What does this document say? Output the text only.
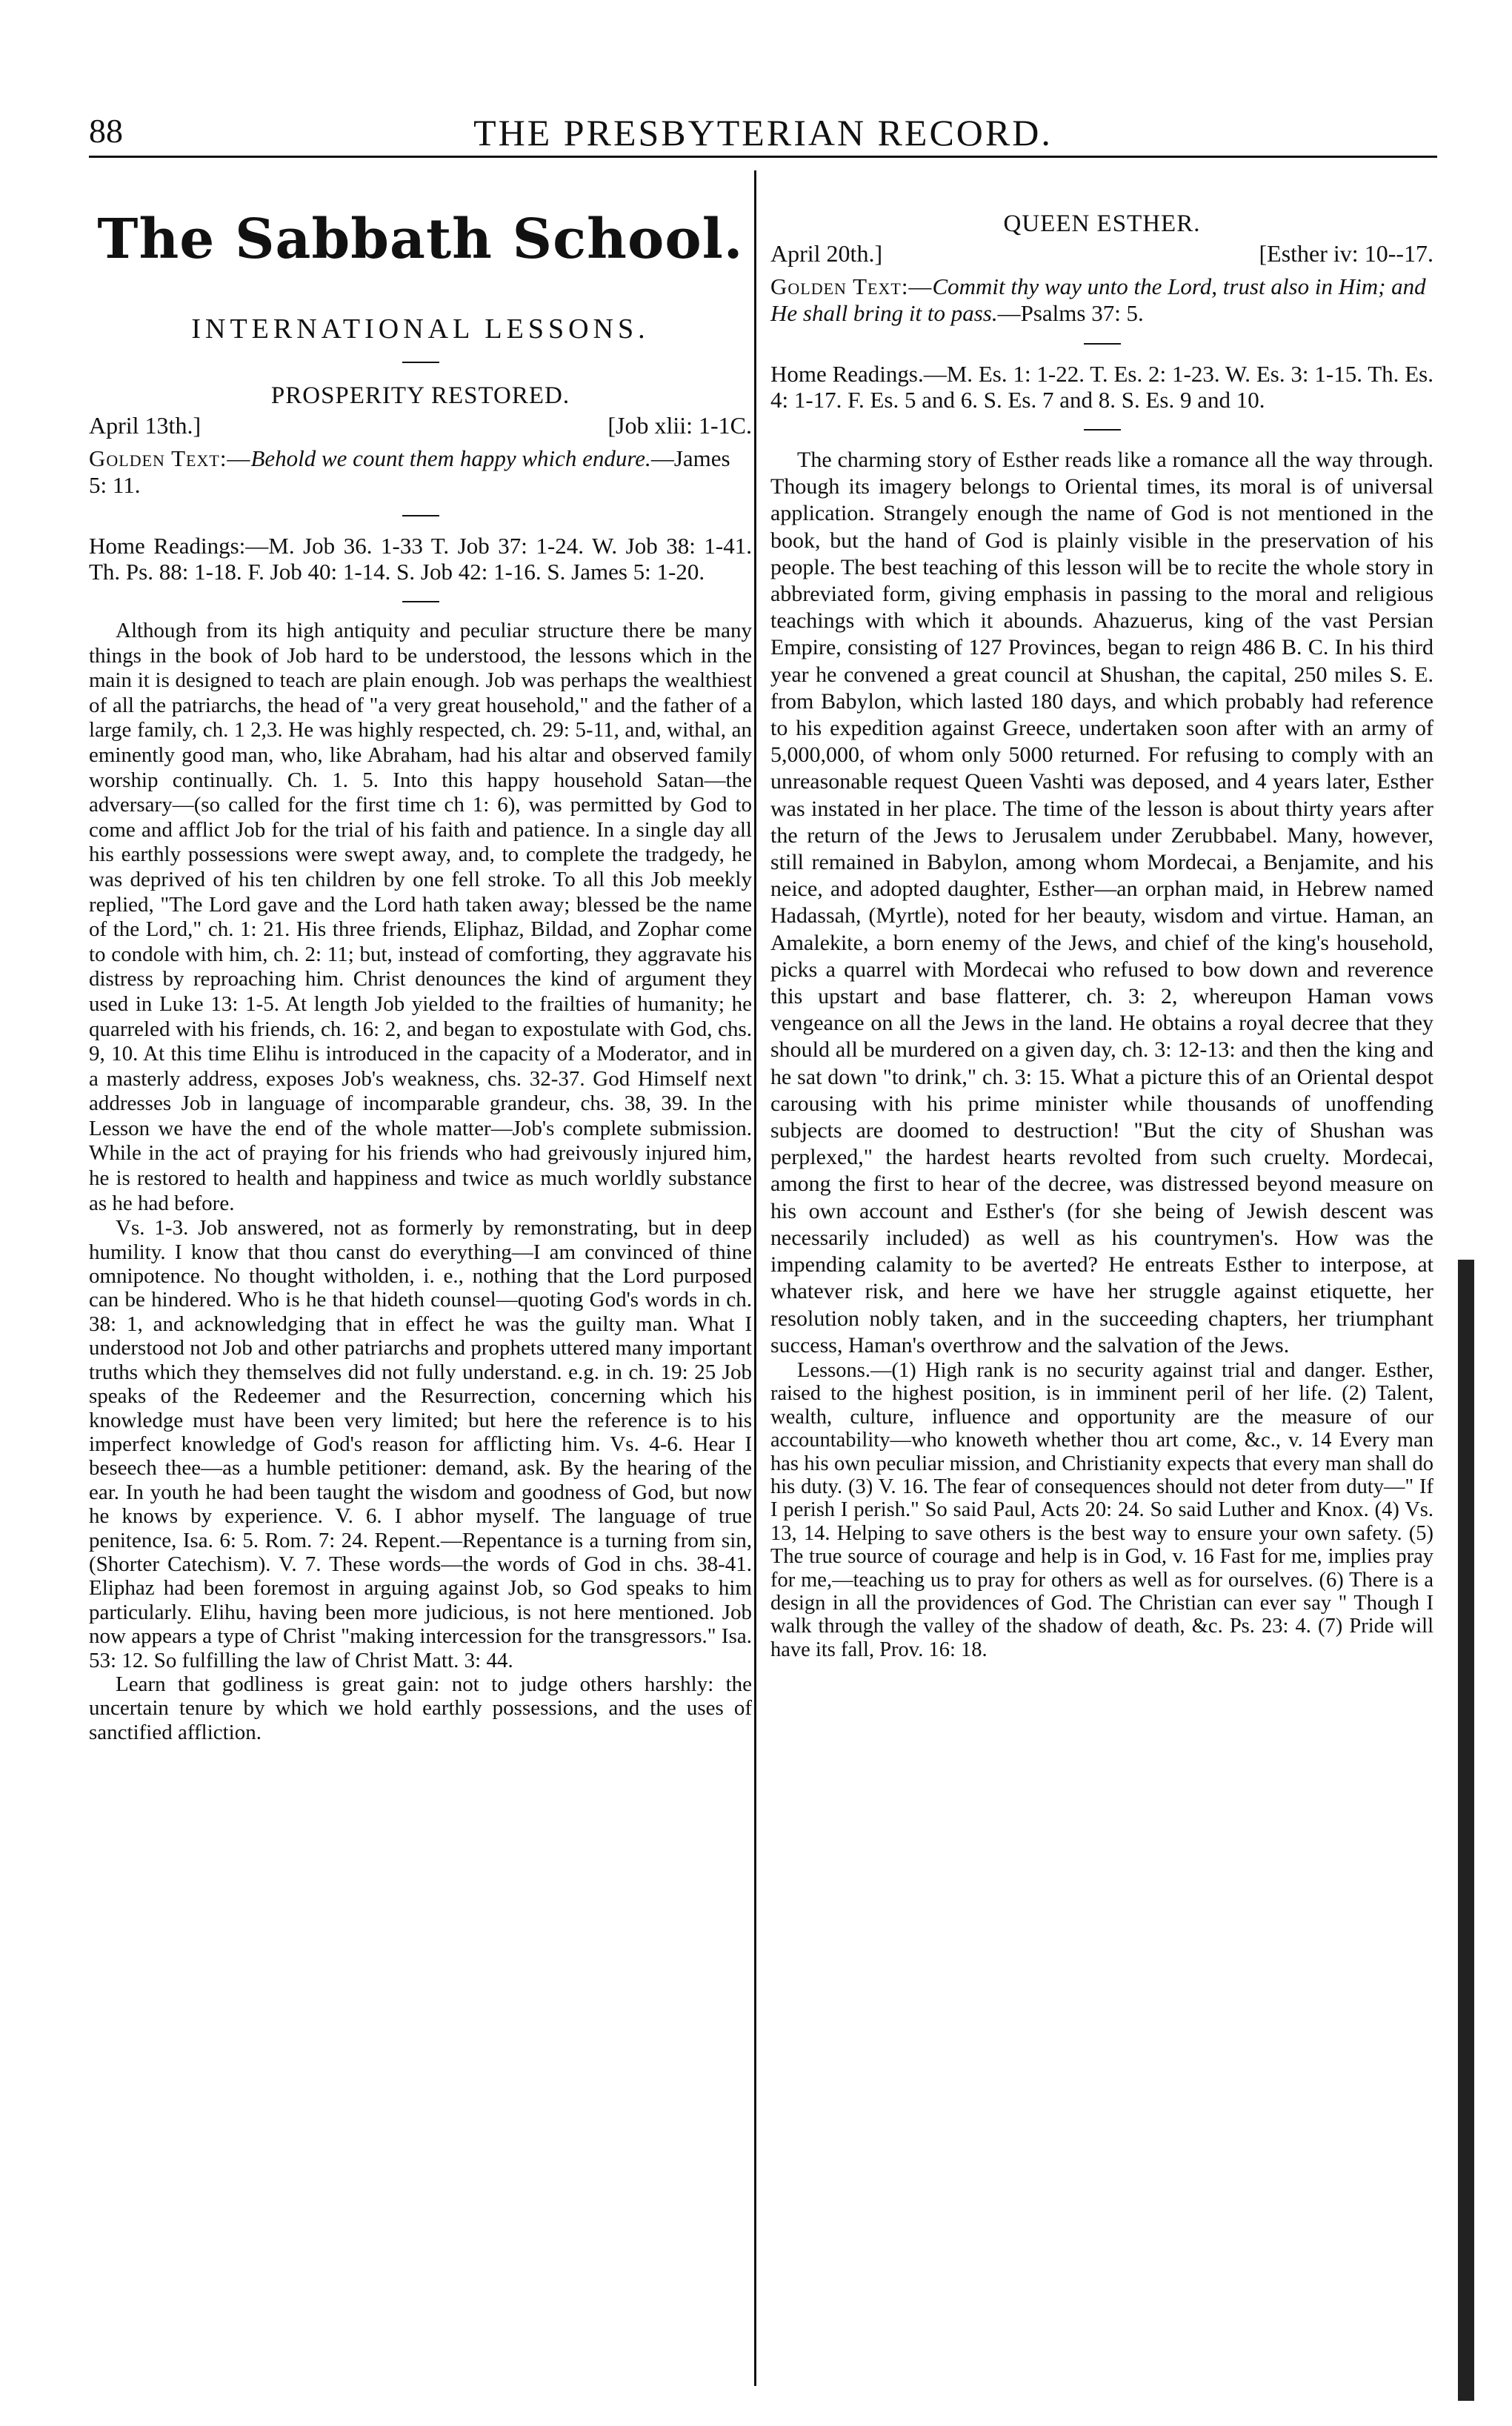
88	THE PRESBYTERIAN RECORD.
The Sabbath School.
INTERNATIONAL LESSONS.
PROSPERITY RESTORED.
April 13th.]	[Job xlii: 1-1C.
Golden Text:—Behold we count them happy which endure.—James 5: 11.
Home Readings:—M. Job 36. 1-33 T. Job 37: 1-24. W. Job 38: 1-41. Th. Ps. 88: 1-18. F. Job 40: 1-14. S. Job 42: 1-16. S. James 5: 1-20.

Although from its high antiquity and peculiar structure there be many things in the book of Job hard to be understood, the lessons which in the main it is designed to teach are plain enough. Job was perhaps the wealthiest of all the patriarchs, the head of "a very great household," and the father of a large family, ch. 1 2,3. He was highly respected, ch. 29: 5-11, and, withal, an eminently good man, who, like Abraham, had his altar and observed family worship continually. Ch. 1. 5. Into this happy household Satan—the adversary—(so called for the first time ch 1: 6), was permitted by God to come and afflict Job for the trial of his faith and patience. In a single day all his earthly possessions were swept away, and, to complete the tradgedy, he was deprived of his ten children by one fell stroke. To all this Job meekly replied, "The Lord gave and the Lord hath taken away; blessed be the name of the Lord," ch. 1: 21. His three friends, Eliphaz, Bildad, and Zophar come to condole with him, ch. 2: 11; but, instead of comforting, they aggravate his distress by reproaching him. Christ denounces the kind of argument they used in Luke 13: 1-5. At length Job yielded to the frailties of humanity; he quarreled with his friends, ch. 16: 2, and began to expostulate with God, chs. 9, 10. At this time Elihu is introduced in the capacity of a Moderator, and in a masterly address, exposes Job's weakness, chs. 32-37. God Himself next addresses Job in language of incomparable grandeur, chs. 38, 39. In the Lesson we have the end of the whole matter—Job's complete submission. While in the act of praying for his friends who had greivously injured him, he is restored to health and happiness and twice as much worldly substance as he had before.

Vs. 1-3. Job answered, not as formerly by remonstrating, but in deep humility. I know that thou canst do everything—I am convinced of thine omnipotence. No thought witholden, i. e., nothing that the Lord purposed can be hindered. Who is he that hideth counsel—quoting God's words in ch. 38: 1, and acknowledging that in effect he was the guilty man. What I understood not Job and other patriarchs and prophets uttered many important truths which they themselves did not fully understand. e.g. in ch. 19: 25 Job speaks of the Redeemer and the Resurrection, concerning which his knowledge must have been very limited; but here the reference is to his imperfect knowledge of God's reason for afflicting him. Vs. 4-6. Hear I beseech thee—as a humble petitioner: demand, ask. By the hearing of the ear. In youth he had been taught the wisdom and goodness of God, but now he knows by experience. V. 6. I abhor myself. The language of true penitence, Isa. 6: 5. Rom. 7: 24. Repent.—Repentance is a turning from sin, (Shorter Catechism). V. 7. These words—the words of God in chs. 38-41. Eliphaz had been foremost in arguing against Job, so God speaks to him particularly. Elihu, having been more judicious, is not here mentioned. Job now appears a type of Christ "making intercession for the transgressors." Isa. 53: 12. So fulfilling the law of Christ Matt. 3: 44.

Learn that godliness is great gain: not to judge others harshly: the uncertain tenure by which we hold earthly possessions, and the uses of sanctified affliction.

QUEEN ESTHER.
April 20th.]	[Esther iv: 10--17.
Golden Text:—Commit thy way unto the Lord, trust also in Him; and He shall bring it to pass.—Psalms 37: 5.
Home Readings.—M. Es. 1: 1-22. T. Es. 2: 1-23. W. Es. 3: 1-15. Th. Es. 4: 1-17. F. Es. 5 and 6. S. Es. 7 and 8. S. Es. 9 and 10.

The charming story of Esther reads like a romance all the way through. Though its imagery belongs to Oriental times, its moral is of universal application. Strangely enough the name of God is not mentioned in the book, but the hand of God is plainly visible in the preservation of his people. The best teaching of this lesson will be to recite the whole story in abbreviated form, giving emphasis in passing to the moral and religious teachings with which it abounds. Ahazuerus, king of the vast Persian Empire, consisting of 127 Provinces, began to reign 486 B. C. In his third year he convened a great council at Shushan, the capital, 250 miles S. E. from Babylon, which lasted 180 days, and which probably had reference to his expedition against Greece, undertaken soon after with an army of 5,000,000, of whom only 5000 returned. For refusing to comply with an unreasonable request Queen Vashti was deposed, and 4 years later, Esther was instated in her place. The time of the lesson is about thirty years after the return of the Jews to Jerusalem under Zerubbabel. Many, however, still remained in Babylon, among whom Mordecai, a Benjamite, and his neice, and adopted daughter, Esther—an orphan maid, in Hebrew named Hadassah, (Myrtle), noted for her beauty, wisdom and virtue. Haman, an Amalekite, a born enemy of the Jews, and chief of the king's household, picks a quarrel with Mordecai who refused to bow down and reverence this upstart and base flatterer, ch. 3: 2, whereupon Haman vows vengeance on all the Jews in the land. He obtains a royal decree that they should all be murdered on a given day, ch. 3: 12-13: and then the king and he sat down "to drink," ch. 3: 15. What a picture this of an Oriental despot carousing with his prime minister while thousands of unoffending subjects are doomed to destruction! "But the city of Shushan was perplexed," the hardest hearts revolted from such cruelty. Mordecai, among the first to hear of the decree, was distressed beyond measure on his own account and Esther's (for she being of Jewish descent was necessarily included) as well as his countrymen's. How was the impending calamity to be averted? He entreats Esther to interpose, at whatever risk, and here we have her struggle against etiquette, her resolution nobly taken, and in the succeeding chapters, her triumphant success, Haman's overthrow and the salvation of the Jews.

Lessons.—(1) High rank is no security against trial and danger. Esther, raised to the highest position, is in imminent peril of her life. (2) Talent, wealth, culture, influence and opportunity are the measure of our accountability—who knoweth whether thou art come, &c., v. 14 Every man has his own peculiar mission, and Christianity expects that every man shall do his duty. (3) V. 16. The fear of consequences should not deter from duty—" If I perish I perish." So said Paul, Acts 20: 24. So said Luther and Knox. (4) Vs. 13, 14. Helping to save others is the best way to ensure your own safety. (5) The true source of courage and help is in God, v. 16 Fast for me, implies pray for me,—teaching us to pray for others as well as for ourselves. (6) There is a design in all the providences of God. The Christian can ever say " Though I walk through the valley of the shadow of death, &c. Ps. 23: 4. (7) Pride will have its fall, Prov. 16: 18.
